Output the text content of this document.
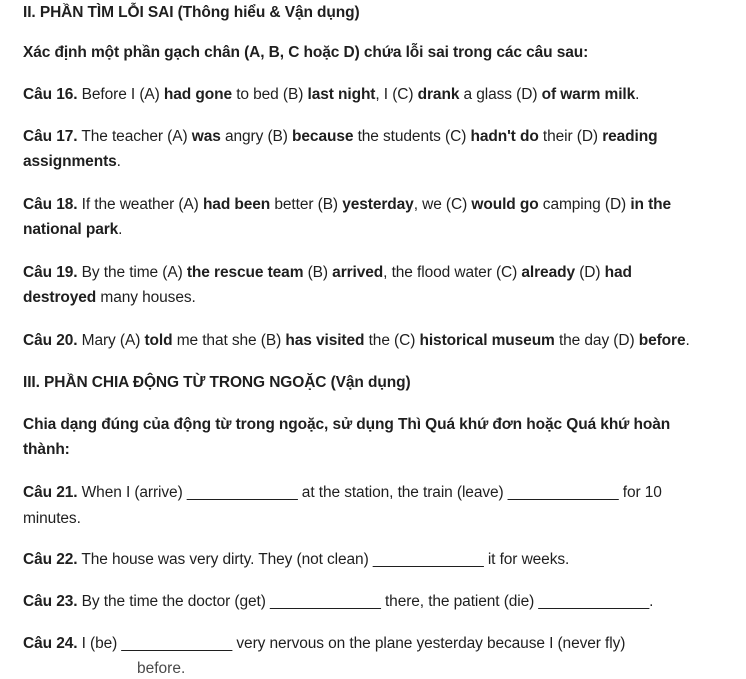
II. PHẦN TÌM LỖI SAI (Thông hiểu & Vận dụng)
Xác định một phần gạch chân (A, B, C hoặc D) chứa lỗi sai trong các câu sau:
Câu 16. Before I (A) had gone to bed (B) last night, I (C) drank a glass (D) of warm milk.
Câu 17. The teacher (A) was angry (B) because the students (C) hadn't do their (D) reading
assignments.
Câu 18. If the weather (A) had been better (B) yesterday, we (C) would go camping (D) in the
national park.
Câu 19. By the time (A) the rescue team (B) arrived, the flood water (C) already (D) had
destroyed many houses.
Câu 20. Mary (A) told me that she (B) has visited the (C) historical museum the day (D) before.
III. PHẦN CHIA ĐỘNG TỪ TRONG NGOẶC (Vận dụng)
Chia dạng đúng của động từ trong ngoặc, sử dụng Thì Quá khứ đơn hoặc Quá khứ hoàn
thành:
Câu 21. When I (arrive) _____________ at the station, the train (leave) _____________ for 10
minutes.
Câu 22. The house was very dirty. They (not clean) _____________ it for weeks.
Câu 23. By the time the doctor (get) _____________ there, the patient (die) _____________.
Câu 24. I (be) _____________ very nervous on the plane yesterday because I (never fly)
before.
